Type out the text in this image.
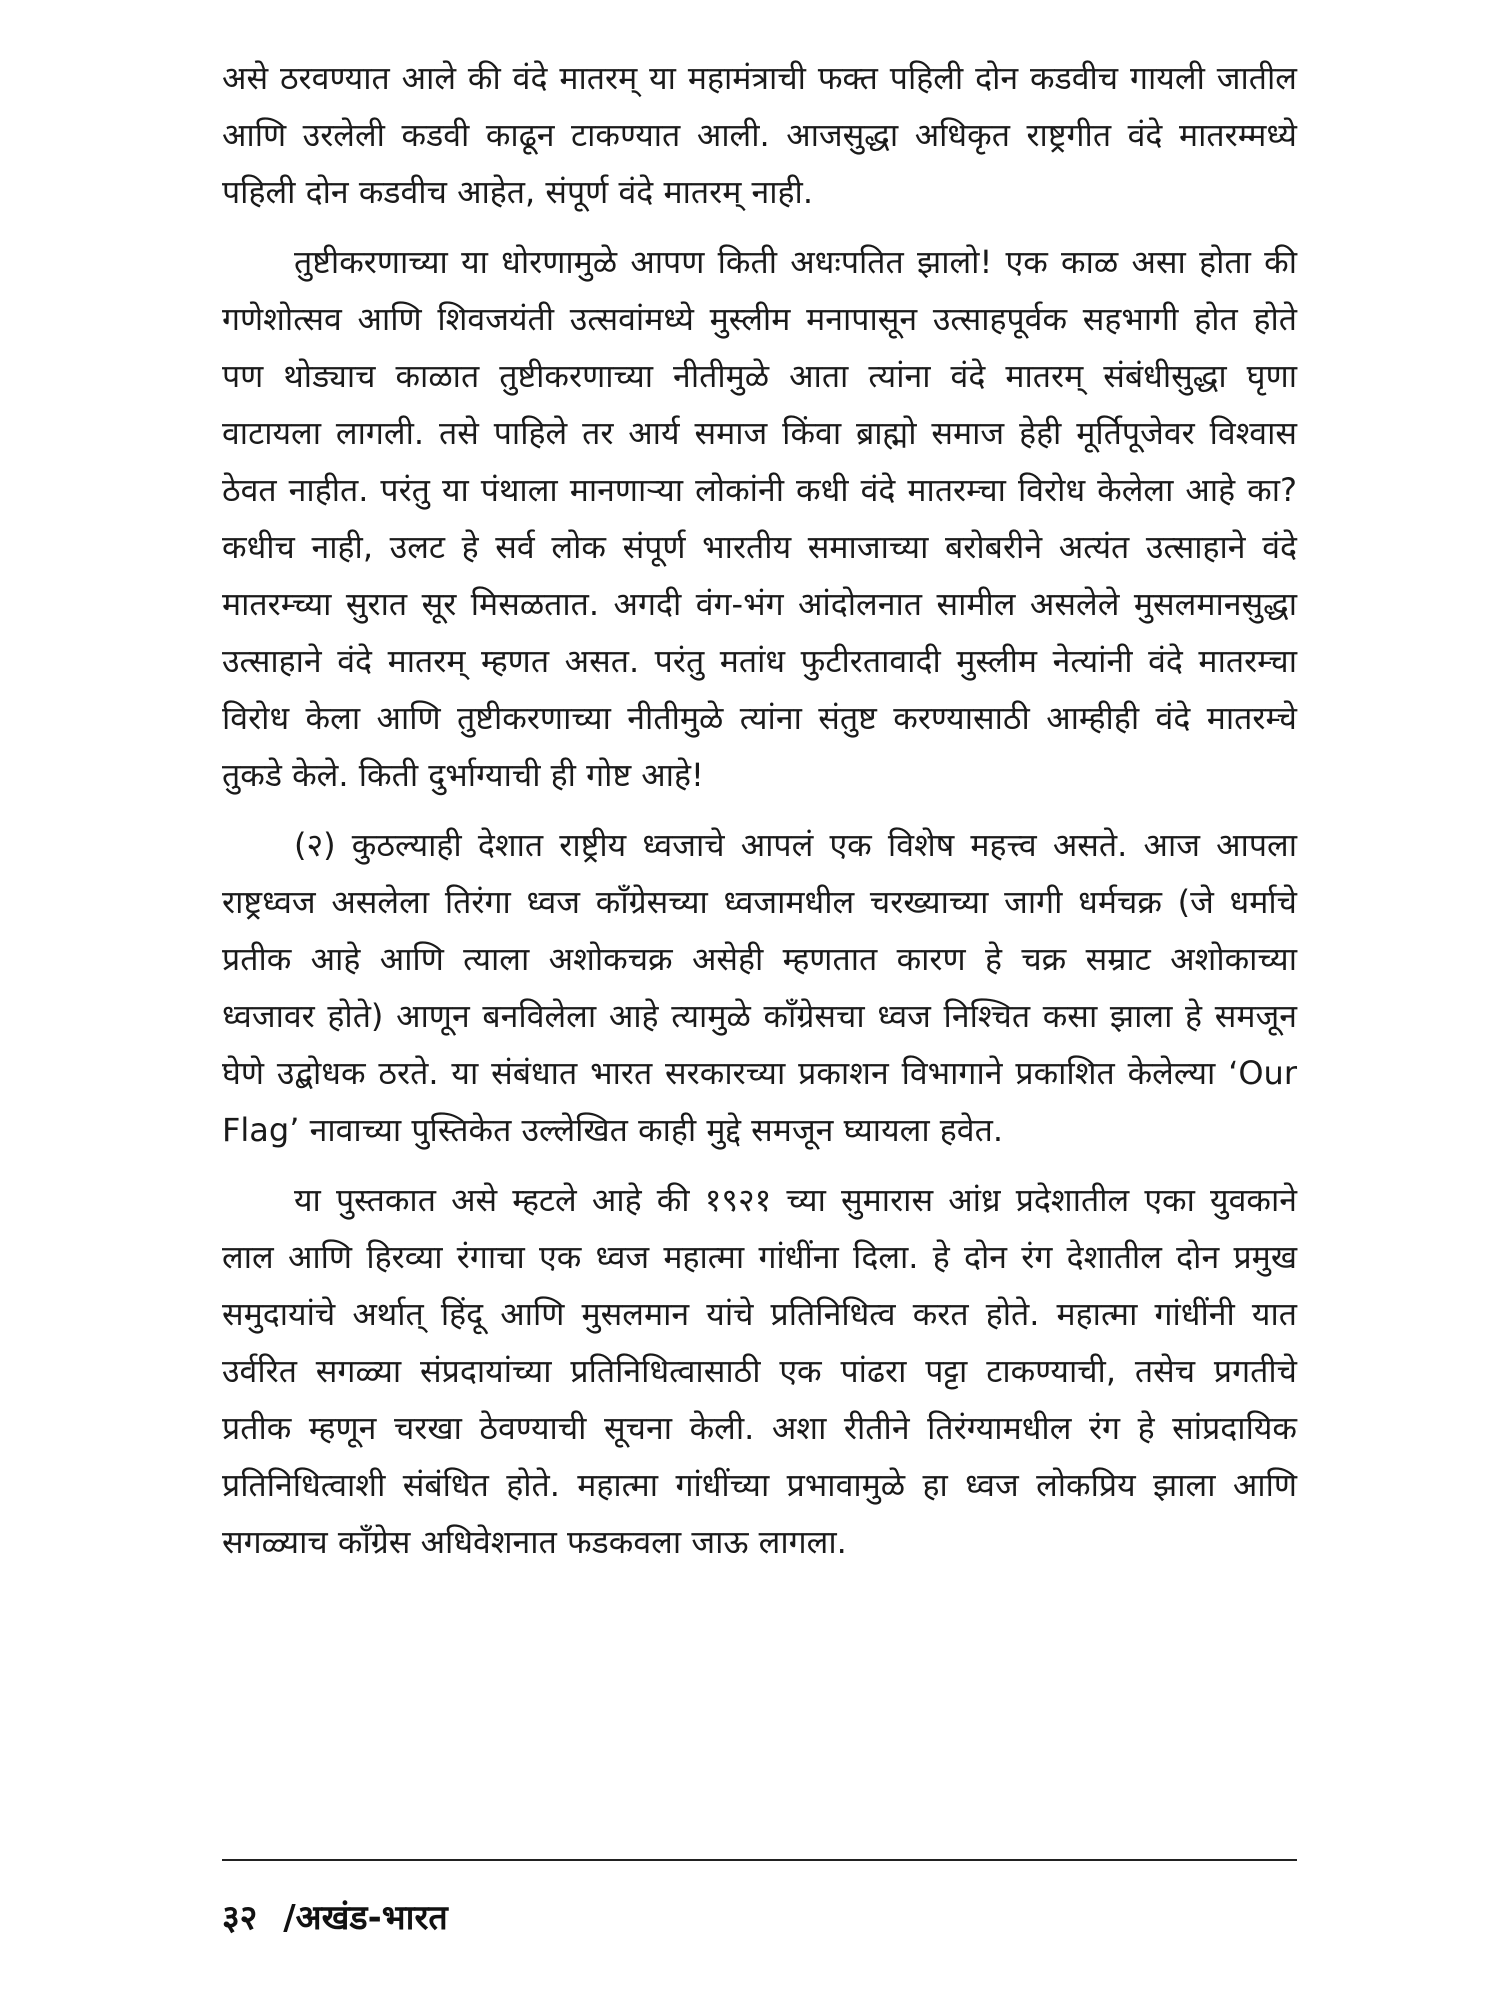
असे ठरवण्यात आले की वंदे मातरम् या महामंत्राची फक्त पहिली दोन कडवीच गायली जातील आणि उरलेली कडवी काढून टाकण्यात आली. आजसुद्धा अधिकृत राष्ट्रगीत वंदे मातरम्मध्ये पहिली दोन कडवीच आहेत, संपूर्ण वंदे मातरम् नाही.

तुष्टीकरणाच्या या धोरणामुळे आपण किती अधःपतित झालो! एक काळ असा होता की गणेशोत्सव आणि शिवजयंती उत्सवांमध्ये मुस्लीम मनापासून उत्साहपूर्वक सहभागी होत होते पण थोड्याच काळात तुष्टीकरणाच्या नीतीमुळे आता त्यांना वंदे मातरम् संबंधीसुद्धा घृणा वाटायला लागली. तसे पाहिले तर आर्य समाज किंवा ब्राह्मो समाज हेही मूर्तिपूजेवर विश्वास ठेवत नाहीत. परंतु या पंथाला मानणाऱ्या लोकांनी कधी वंदे मातरम्चा विरोध केलेला आहे का? कधीच नाही, उलट हे सर्व लोक संपूर्ण भारतीय समाजाच्या बरोबरीने अत्यंत उत्साहाने वंदे मातरम्च्या सुरात सूर मिसळतात. अगदी वंग-भंग आंदोलनात सामील असलेले मुसलमानसुद्धा उत्साहाने वंदे मातरम् म्हणत असत. परंतु मतांध फुटीरतावादी मुस्लीम नेत्यांनी वंदे मातरम्चा विरोध केला आणि तुष्टीकरणाच्या नीतीमुळे त्यांना संतुष्ट करण्यासाठी आम्हीही वंदे मातरम्चे तुकडे केले. किती दुर्भाग्याची ही गोष्ट आहे!

(२) कुठल्याही देशात राष्ट्रीय ध्वजाचे आपलं एक विशेष महत्त्व असते. आज आपला राष्ट्रध्वज असलेला तिरंगा ध्वज काँग्रेसच्या ध्वजामधील चरख्याच्या जागी धर्मचक्र (जे धर्माचे प्रतीक आहे आणि त्याला अशोकचक्र असेही म्हणतात कारण हे चक्र सम्राट अशोकाच्या ध्वजावर होते) आणून बनविलेला आहे त्यामुळे काँग्रेसचा ध्वज निश्चित कसा झाला हे समजून घेणे उद्बोधक ठरते. या संबंधात भारत सरकारच्या प्रकाशन विभागाने प्रकाशित केलेल्या ‘Our Flag’ नावाच्या पुस्तिकेत उल्लेखित काही मुद्दे समजून घ्यायला हवेत.

या पुस्तकात असे म्हटले आहे की १९२१ च्या सुमारास आंध्र प्रदेशातील एका युवकाने लाल आणि हिरव्या रंगाचा एक ध्वज महात्मा गांधींना दिला. हे दोन रंग देशातील दोन प्रमुख समुदायांचे अर्थात् हिंदू आणि मुसलमान यांचे प्रतिनिधित्व करत होते. महात्मा गांधींनी यात उर्वरित सगळ्या संप्रदायांच्या प्रतिनिधित्वासाठी एक पांढरा पट्टा टाकण्याची, तसेच प्रगतीचे प्रतीक म्हणून चरखा ठेवण्याची सूचना केली. अशा रीतीने तिरंग्यामधील रंग हे सांप्रदायिक प्रतिनिधित्वाशी संबंधित होते. महात्मा गांधींच्या प्रभावामुळे हा ध्वज लोकप्रिय झाला आणि सगळ्याच काँग्रेस अधिवेशनात फडकवला जाऊ लागला.

३२ /अखंड-भारत
